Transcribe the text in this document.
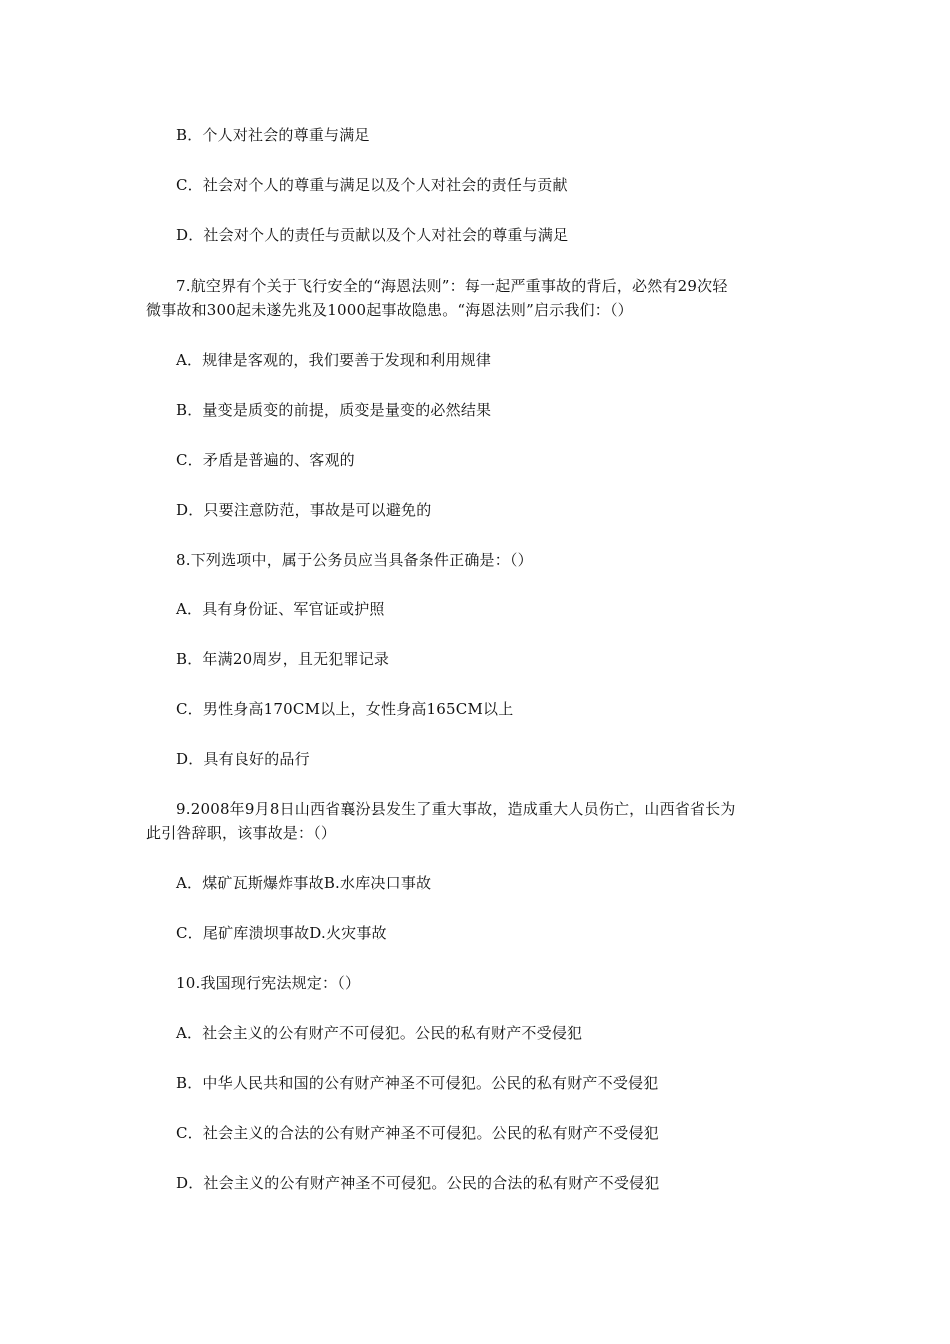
B．个人对社会的尊重与满足
C．社会对个人的尊重与满足以及个人对社会的责任与贡献
D．社会对个人的责任与贡献以及个人对社会的尊重与满足
7.航空界有个关于飞行安全的“海恩法则”：每一起严重事故的背后，必然有29次轻
微事故和300起未遂先兆及1000起事故隐患。“海恩法则”启示我们：（）
A．规律是客观的，我们要善于发现和利用规律
B．量变是质变的前提，质变是量变的必然结果
C．矛盾是普遍的、客观的
D．只要注意防范，事故是可以避免的
8.下列选项中，属于公务员应当具备条件正确是：（）
A．具有身份证、军官证或护照
B．年满20周岁，且无犯罪记录
C．男性身高170CM以上，女性身高165CM以上
D．具有良好的品行
9.2008年9月8日山西省襄汾县发生了重大事故，造成重大人员伤亡，山西省省长为
此引咎辞职，该事故是：（）
A．煤矿瓦斯爆炸事故B.水库决口事故
C．尾矿库溃坝事故D.火灾事故
10.我国现行宪法规定：（）
A．社会主义的公有财产不可侵犯。公民的私有财产不受侵犯
B．中华人民共和国的公有财产神圣不可侵犯。公民的私有财产不受侵犯
C．社会主义的合法的公有财产神圣不可侵犯。公民的私有财产不受侵犯
D．社会主义的公有财产神圣不可侵犯。公民的合法的私有财产不受侵犯
